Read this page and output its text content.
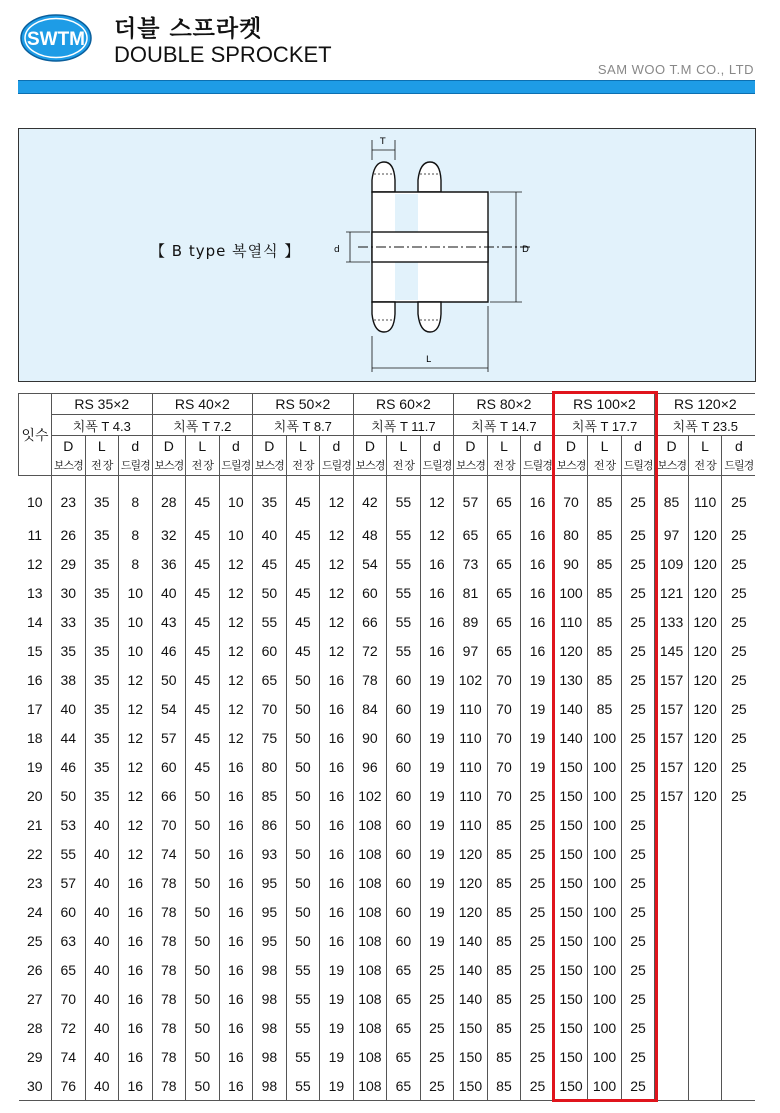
SWTM 더블 스프라켓
DOUBLE SPROCKET
SAM WOO T.M CO., LTD
【 B type 복열식 】
T
d	D
L
잇수	RS 35×2			RS 40×2			RS 50×2			RS 60×2			RS 80×2			RS 100×2			RS 120×2		
	치폭 T 4.3			치폭 T 7.2			치폭 T 8.7			치폭 T 11.7			치폭 T 14.7			치폭 T 17.7			치폭 T 23.5		
	D	L	d	D	L	d	D	L	d	D	L	d	D	L	d	D	L	d	D	L	d
	보스경	전 장	드릴경	보스경	전 장	드릴경	보스경	전 장	드릴경	보스경	전 장	드릴경	보스경	전 장	드릴경	보스경	전 장	드릴경	보스경	전 장	드릴경
10	23	35	8	28	45	10	35	45	12	42	55	12	57	65	16	70	85	25	85	110	25
11	26	35	8	32	45	10	40	45	12	48	55	12	65	65	16	80	85	25	97	120	25
12	29	35	8	36	45	12	45	45	12	54	55	16	73	65	16	90	85	25	109	120	25
13	30	35	10	40	45	12	50	45	12	60	55	16	81	65	16	100	85	25	121	120	25
14	33	35	10	43	45	12	55	45	12	66	55	16	89	65	16	110	85	25	133	120	25
15	35	35	10	46	45	12	60	45	12	72	55	16	97	65	16	120	85	25	145	120	25
16	38	35	12	50	45	12	65	50	16	78	60	19	102	70	19	130	85	25	157	120	25
17	40	35	12	54	45	12	70	50	16	84	60	19	110	70	19	140	85	25	157	120	25
18	44	35	12	57	45	12	75	50	16	90	60	19	110	70	19	140	100	25	157	120	25
19	46	35	12	60	45	16	80	50	16	96	60	19	110	70	19	150	100	25	157	120	25
20	50	35	12	66	50	16	85	50	16	102	60	19	110	70	25	150	100	25	157	120	25
21	53	40	12	70	50	16	86	50	16	108	60	19	110	85	25	150	100	25			
22	55	40	12	74	50	16	93	50	16	108	60	19	120	85	25	150	100	25			
23	57	40	16	78	50	16	95	50	16	108	60	19	120	85	25	150	100	25			
24	60	40	16	78	50	16	95	50	16	108	60	19	120	85	25	150	100	25			
25	63	40	16	78	50	16	95	50	16	108	60	19	140	85	25	150	100	25			
26	65	40	16	78	50	16	98	55	19	108	65	25	140	85	25	150	100	25			
27	70	40	16	78	50	16	98	55	19	108	65	25	140	85	25	150	100	25			
28	72	40	16	78	50	16	98	55	19	108	65	25	150	85	25	150	100	25			
29	74	40	16	78	50	16	98	55	19	108	65	25	150	85	25	150	100	25			
30	76	40	16	78	50	16	98	55	19	108	65	25	150	85	25	150	100	25			
